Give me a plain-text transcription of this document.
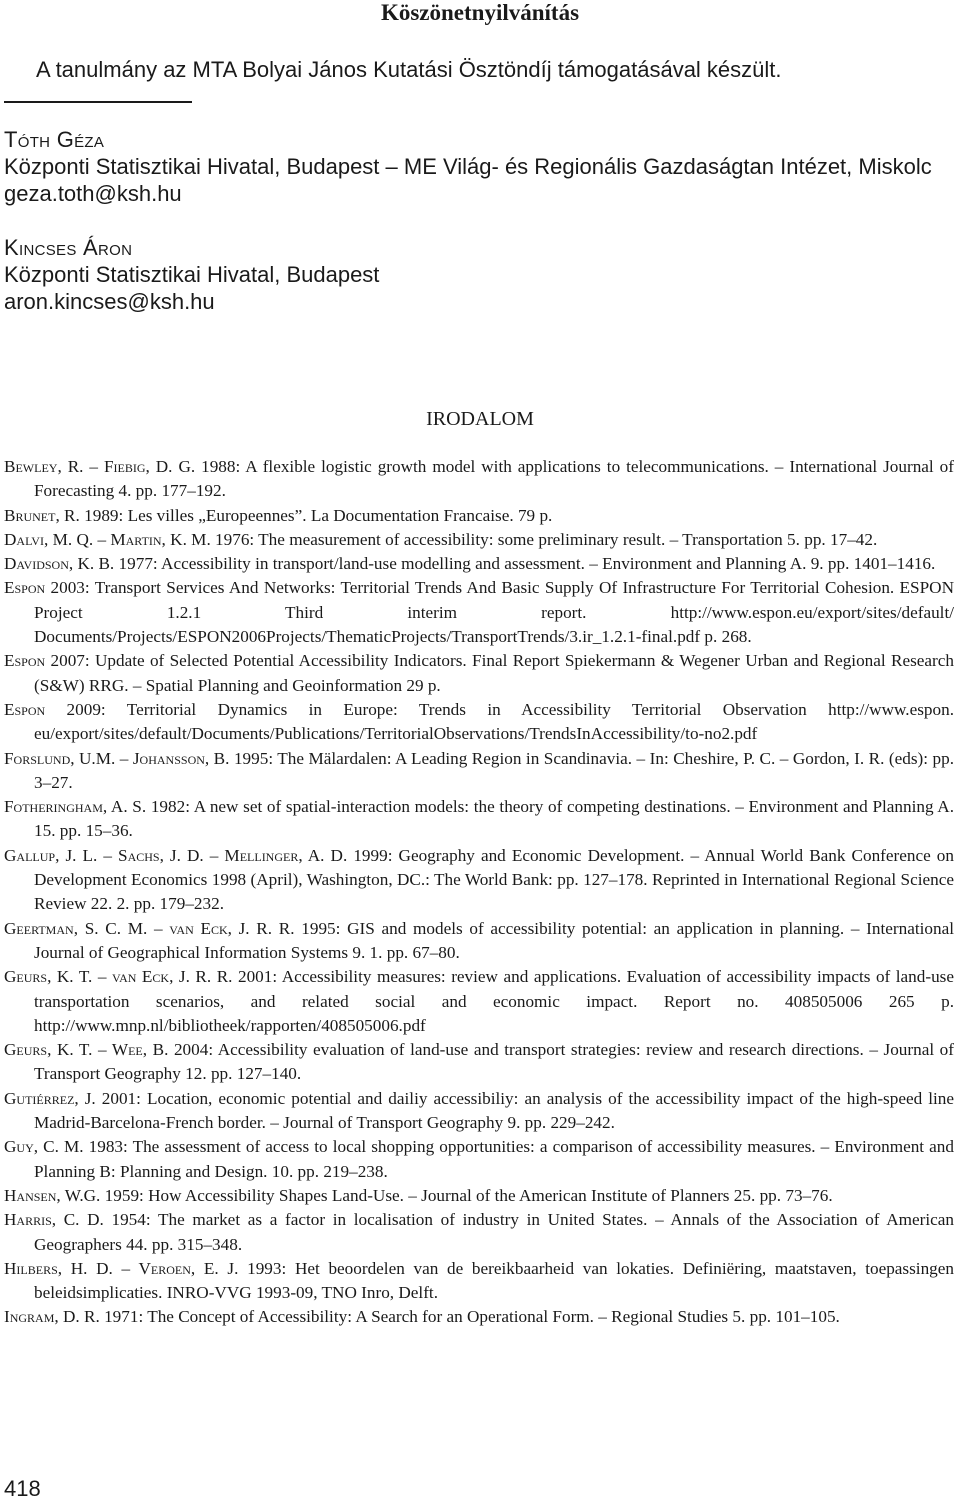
Köszönetnyilvánítás
A tanulmány az MTA Bolyai János Kutatási Ösztöndíj támogatásával készült.
Tóth Géza
Központi Statisztikai Hivatal, Budapest – ME Világ- és Regionális Gazdaságtan Intézet, Miskolc
geza.toth@ksh.hu
Kincses Áron
Központi Statisztikai Hivatal, Budapest
aron.kincses@ksh.hu
IRODALOM
Bewley, R. – Fiebig, D. G. 1988: A flexible logistic growth model with applications to telecommunications. – International Journal of Forecasting 4. pp. 177–192.
Brunet, R. 1989: Les villes „Europeennes”. La Documentation Francaise. 79 p.
Dalvi, M. Q. – Martin, K. M. 1976: The measurement of accessibility: some preliminary result. – Transportation 5. pp. 17–42.
Davidson, K. B. 1977: Accessibility in transport/land-use modelling and assessment. – Environment and Planning A. 9. pp. 1401–1416.
Espon 2003: Transport Services And Networks: Territorial Trends And Basic Supply Of Infrastructure For Territorial Cohesion. ESPON Project 1.2.1 Third interim report. http://www.espon.eu/export/sites/default/ Documents/Projects/ESPON2006Projects/ThematicProjects/TransportTrends/3.ir_1.2.1-final.pdf p. 268.
Espon 2007: Update of Selected Potential Accessibility Indicators. Final Report Spiekermann & Wegener Urban and Regional Research (S&W) RRG. – Spatial Planning and Geoinformation 29 p.
Espon 2009: Territorial Dynamics in Europe: Trends in Accessibility Territorial Observation http://www.espon. eu/export/sites/default/Documents/Publications/TerritorialObservations/TrendsInAccessibility/to-no2.pdf
Forslund, U.M. – Johansson, B. 1995: The Mälardalen: A Leading Region in Scandinavia. – In: Cheshire, P. C. – Gordon, I. R. (eds): pp. 3–27.
Fotheringham, A. S. 1982: A new set of spatial-interaction models: the theory of competing destinations. – Environment and Planning A. 15. pp. 15–36.
Gallup, J. L. – Sachs, J. D. – Mellinger, A. D. 1999: Geography and Economic Development. – Annual World Bank Conference on Development Economics 1998 (April), Washington, DC.: The World Bank: pp. 127–178. Reprinted in International Regional Science Review 22. 2. pp. 179–232.
Geertman, S. C. M. – van Eck, J. R. R. 1995: GIS and models of accessibility potential: an application in planning. – International Journal of Geographical Information Systems 9. 1. pp. 67–80.
Geurs, K. T. – van Eck, J. R. R. 2001: Accessibility measures: review and applications. Evaluation of accessibility impacts of land-use transportation scenarios, and related social and economic impact. Report no. 408505006 265 p. http://www.mnp.nl/bibliotheek/rapporten/408505006.pdf
Geurs, K. T. – Wee, B. 2004: Accessibility evaluation of land-use and transport strategies: review and research directions. – Journal of Transport Geography 12. pp. 127–140.
Gutiérrez, J. 2001: Location, economic potential and dailiy accessibiliy: an analysis of the accessibility impact of the high-speed line Madrid-Barcelona-French border. – Journal of Transport Geography 9. pp. 229–242.
Guy, C. M. 1983: The assessment of access to local shopping opportunities: a comparison of accessibility measures. – Environment and Planning B: Planning and Design. 10. pp. 219–238.
Hansen, W.G. 1959: How Accessibility Shapes Land-Use. – Journal of the American Institute of Planners 25. pp. 73–76.
Harris, C. D. 1954: The market as a factor in localisation of industry in United States. – Annals of the Association of American Geographers 44. pp. 315–348.
Hilbers, H. D. – Veroen, E. J. 1993: Het beoordelen van de bereikbaarheid van lokaties. Definiëring, maatstaven, toepassingen beleidsimplicaties. INRO-VVG 1993-09, TNO Inro, Delft.
Ingram, D. R. 1971: The Concept of Accessibility: A Search for an Operational Form. – Regional Studies 5. pp. 101–105.
418
